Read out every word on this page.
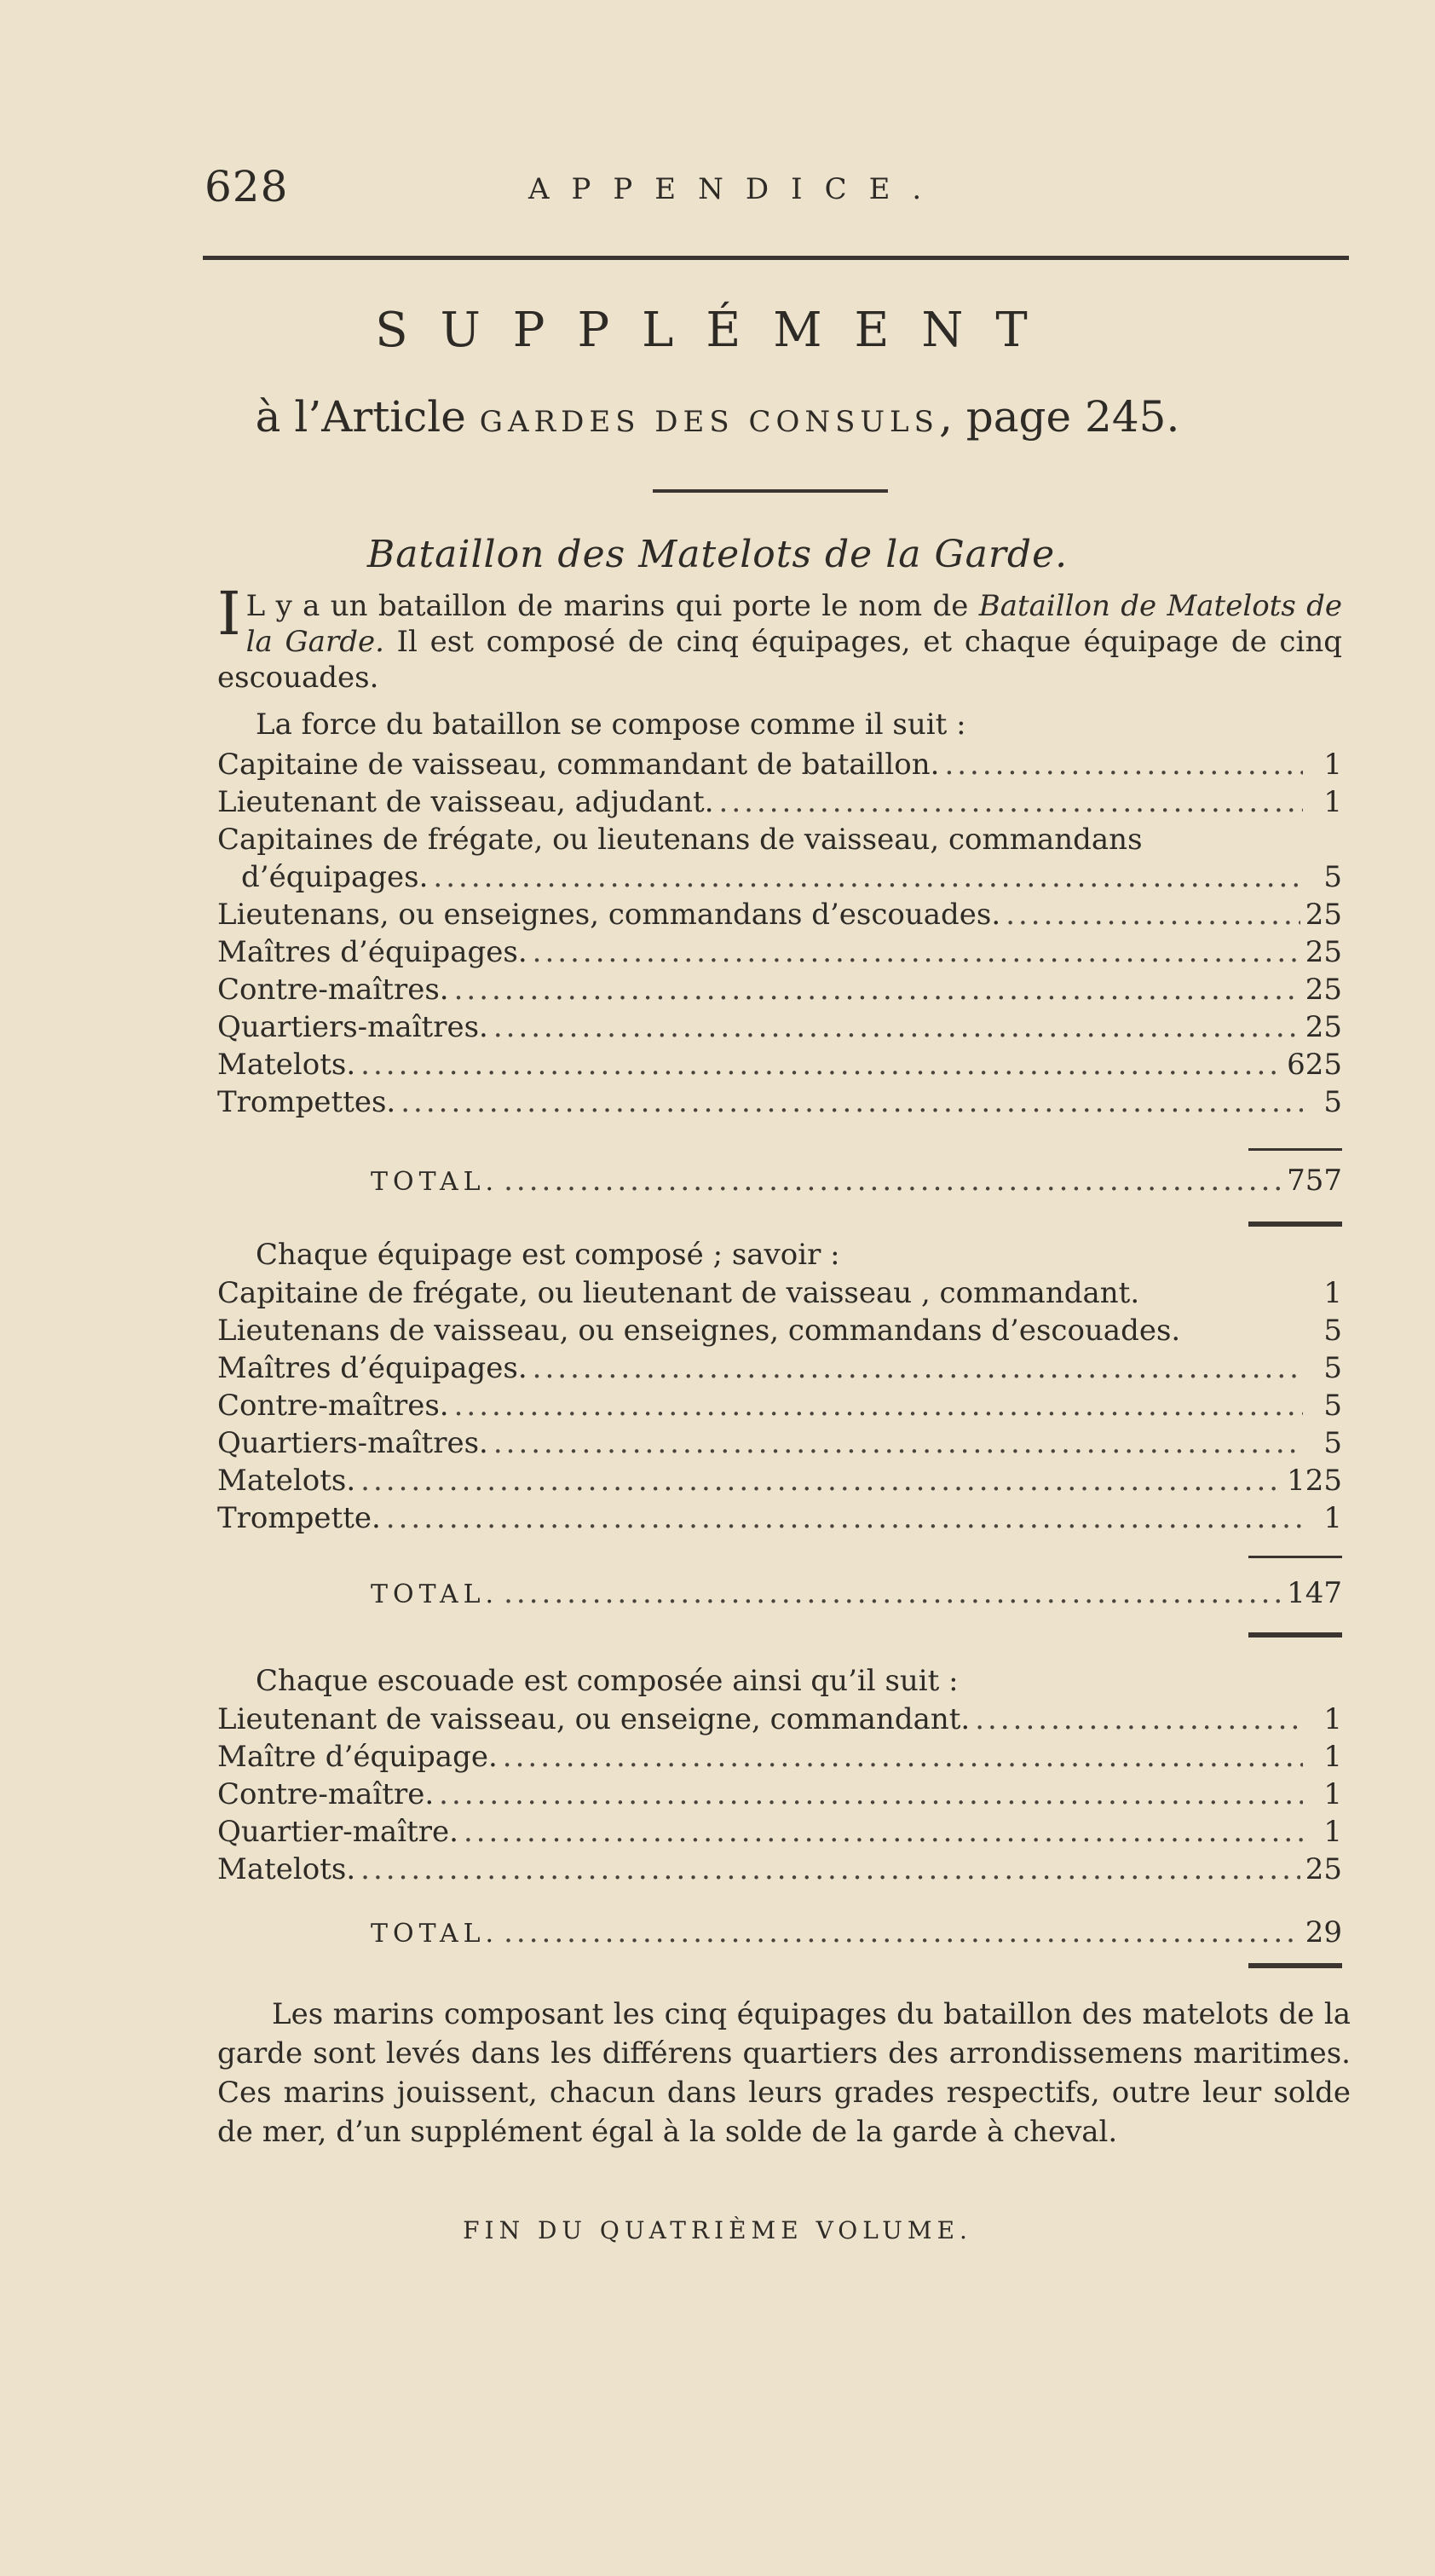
628	APPENDICE.
SUPPLÉMENT
à l’Article GARDES DES CONSULS, page 245.
Bataillon des Matelots de la Garde.
I L y a un bataillon de marins qui porte le nom de Bataillon de Matelots de la Garde. Il est composé de cinq équipages, et chaque équipage de cinq escouades.
La force du bataillon se compose comme il suit :
Capitaine de vaisseau, commandant de bataillon. .....	1
Lieutenant de vaisseau, adjudant. .....	1
Capitaines de frégate, ou lieutenans de vaisseau, commandans
d’équipages. .....	5
Lieutenans, ou enseignes, commandans d’escouades. .....	25
Maîtres d’équipages. .....	25
Contre-maîtres. .....	25
Quartiers-maîtres. .....	25
Matelots. .....	625
Trompettes. .....	5
TOTAL. .....	757
Chaque équipage est composé ; savoir :
Capitaine de frégate, ou lieutenant de vaisseau , commandant.	1
Lieutenans de vaisseau, ou enseignes, commandans d’escouades.	5
Maîtres d’équipages. .....	5
Contre-maîtres. .....	5
Quartiers-maîtres. .....	5
Matelots. .....	125
Trompette. .....	1
TOTAL. .....	147
Chaque escouade est composée ainsi qu’il suit :
Lieutenant de vaisseau, ou enseigne, commandant. .....	1
Maître d’équipage. .....	1
Contre-maître. .....	1
Quartier-maître. .....	1
Matelots. .....	25
TOTAL. .....	29
Les marins composant les cinq équipages du bataillon des matelots de la garde sont levés dans les différens quartiers des arrondissemens maritimes. Ces marins jouissent, chacun dans leurs grades respectifs, outre leur solde de mer, d’un supplément égal à la solde de la garde à cheval.
FIN DU QUATRIÈME VOLUME.
